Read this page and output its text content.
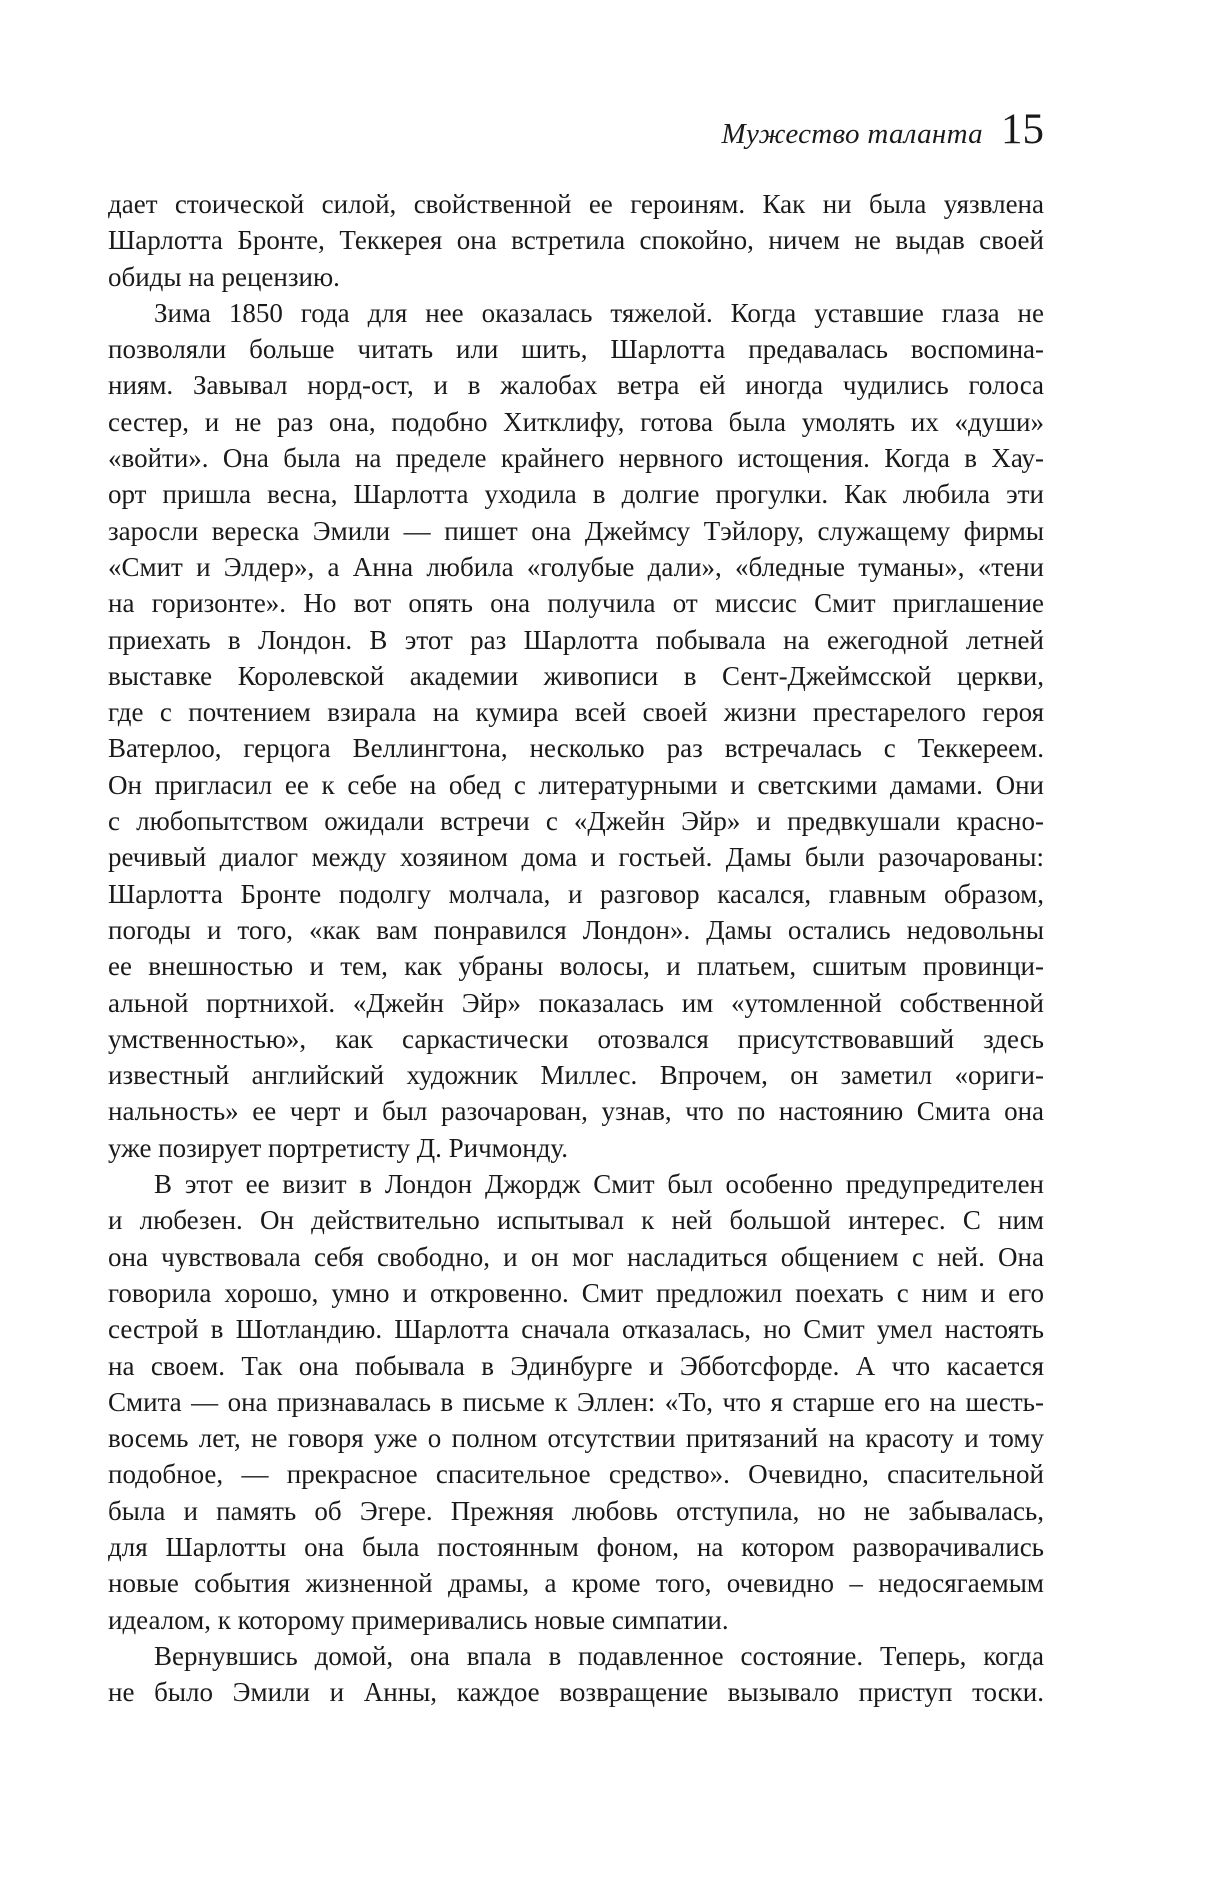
Мужество таланта 15
дает стоической силой, свойственной ее героиням. Как ни была уязвлена
Шарлотта Бронте, Теккерея она встретила спокойно, ничем не выдав своей
обиды на рецензию.
Зима 1850 года для нее оказалась тяжелой. Когда уставшие глаза не
позволяли больше читать или шить, Шарлотта предавалась воспомина-
ниям. Завывал норд-ост, и в жалобах ветра ей иногда чудились голоса
сестер, и не раз она, подобно Хитклифу, готова была умолять их «души»
«войти». Она была на пределе крайнего нервного истощения. Когда в Хау-
орт пришла весна, Шарлотта уходила в долгие прогулки. Как любила эти
заросли вереска Эмили — пишет она Джеймсу Тэйлору, служащему фирмы
«Смит и Элдер», а Анна любила «голубые дали», «бледные туманы», «тени
на горизонте». Но вот опять она получила от миссис Смит приглашение
приехать в Лондон. В этот раз Шарлотта побывала на ежегодной летней
выставке Королевской академии живописи в Сент-Джеймсской церкви,
где с почтением взирала на кумира всей своей жизни престарелого героя
Ватерлоо, герцога Веллингтона, несколько раз встречалась с Теккереем.
Он пригласил ее к себе на обед с литературными и светскими дамами. Они
с любопытством ожидали встречи с «Джейн Эйр» и предвкушали красно-
речивый диалог между хозяином дома и гостьей. Дамы были разочарованы:
Шарлотта Бронте подолгу молчала, и разговор касался, главным образом,
погоды и того, «как вам понравился Лондон». Дамы остались недовольны
ее внешностью и тем, как убраны волосы, и платьем, сшитым провинци-
альной портнихой. «Джейн Эйр» показалась им «утомленной собственной
умственностью», как саркастически отозвался присутствовавший здесь
известный английский художник Миллес. Впрочем, он заметил «ориги-
нальность» ее черт и был разочарован, узнав, что по настоянию Смита она
уже позирует портретисту Д. Ричмонду.
В этот ее визит в Лондон Джордж Смит был особенно предупредителен
и любезен. Он действительно испытывал к ней большой интерес. С ним
она чувствовала себя свободно, и он мог насладиться общением с ней. Она
говорила хорошо, умно и откровенно. Смит предложил поехать с ним и его
сестрой в Шотландию. Шарлотта сначала отказалась, но Смит умел настоять
на своем. Так она побывала в Эдинбурге и Эбботсфорде. А что касается
Смита — она признавалась в письме к Эллен: «То, что я старше его на шесть-
восемь лет, не говоря уже о полном отсутствии притязаний на красоту и тому
подобное, — прекрасное спасительное средство». Очевидно, спасительной
была и память об Эгере. Прежняя любовь отступила, но не забывалась,
для Шарлотты она была постоянным фоном, на котором разворачивались
новые события жизненной драмы, а кроме того, очевидно – недосягаемым
идеалом, к которому примеривались новые симпатии.
Вернувшись домой, она впала в подавленное состояние. Теперь, когда
не было Эмили и Анны, каждое возвращение вызывало приступ тоски.
